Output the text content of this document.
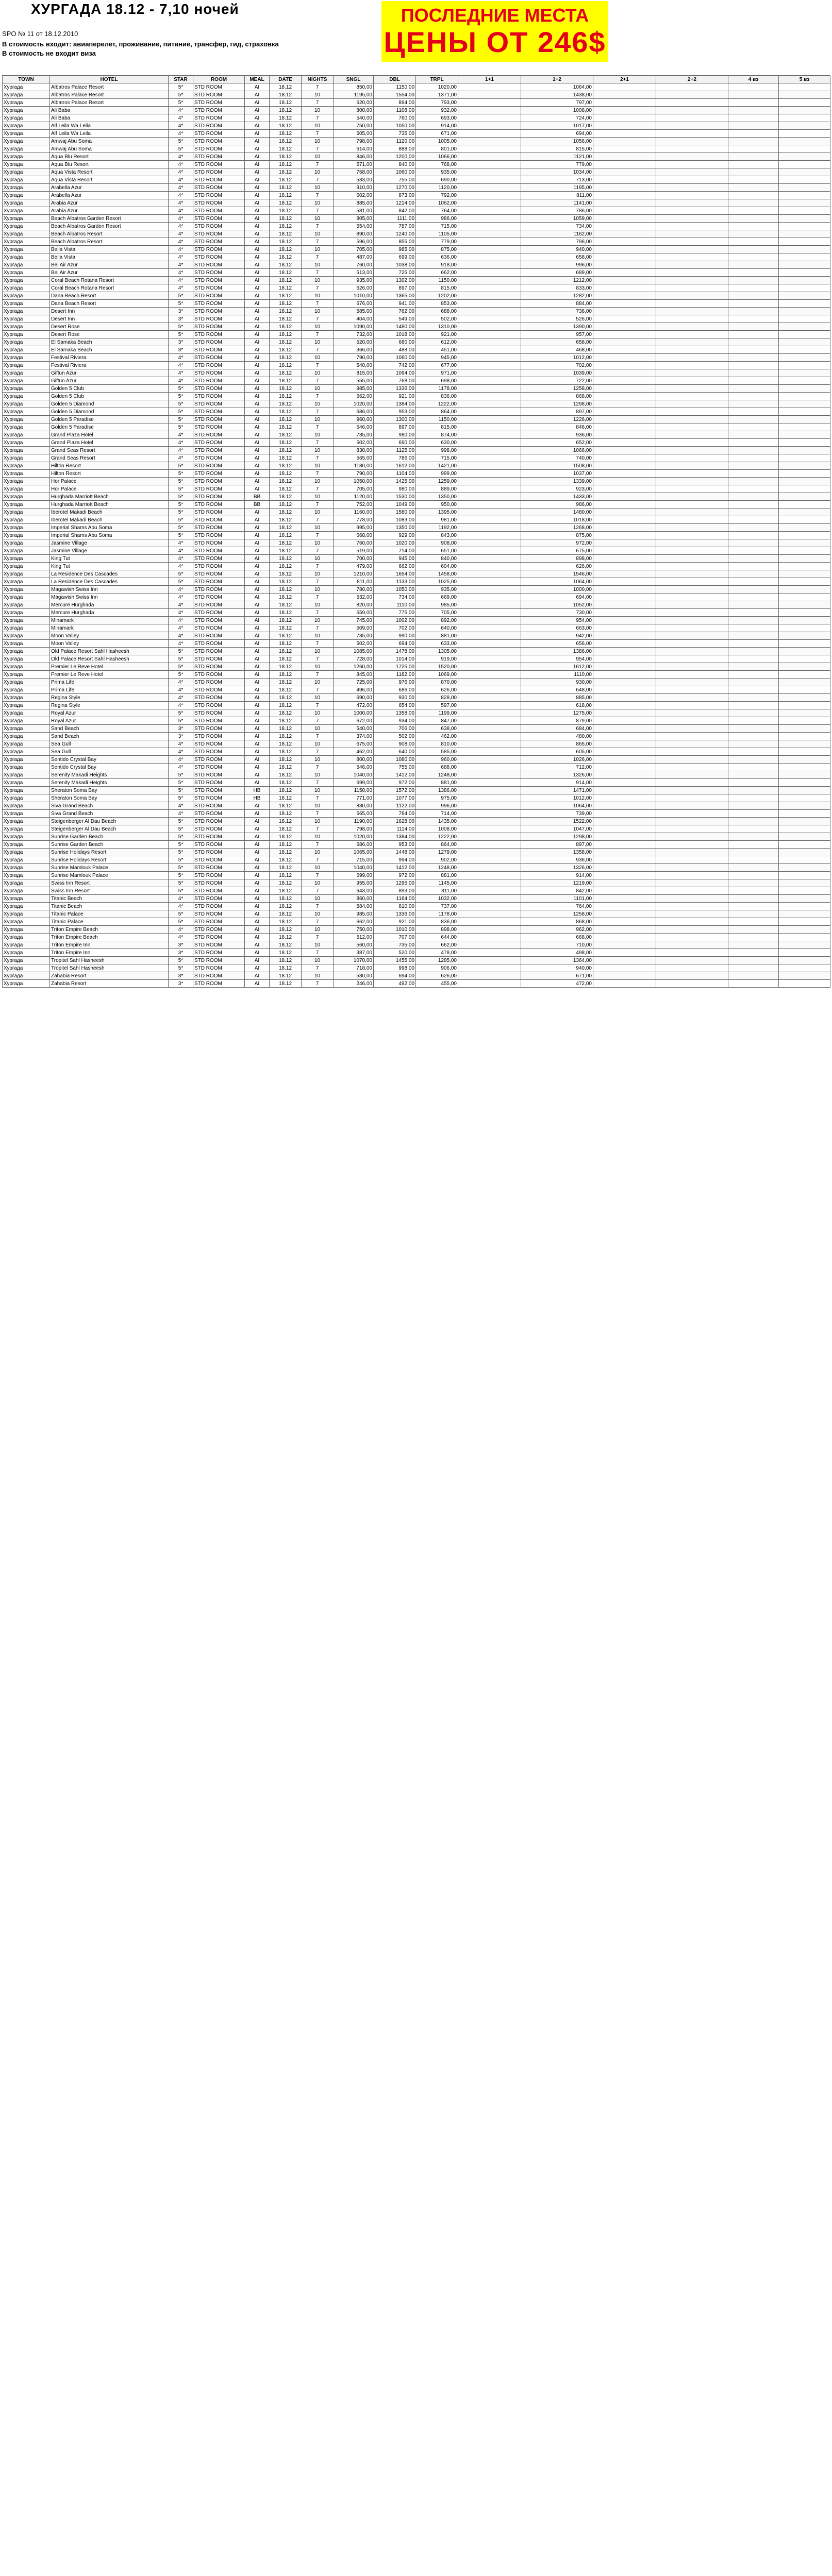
ХУРГАДА 18.12 - 7,10 ночей
SPO № 11 от 18.12.2010
В стоимость входит: авиаперелет, проживание, питание, трансфер, гид, страховка
В стоимость не входит виза
ПОСЛЕДНИЕ МЕСТА
ЦЕНЫ ОТ 246$
TOWN	HOTEL	STAR	ROOM	MEAL	DATE	NIGHTS	SNGL	DBL	TRPL	1+1	1+2	2+1	2+2	4 вз	5 вз
Хургада	Albatros Palace Resort	5*	STD ROOM	AI	18.12	7	850,00	1150,00	1020,00		1064,00				
Хургада	Albatros Palace Resort	5*	STD ROOM	AI	18.12	10	1195,00	1554,00	1371,00		1438,00				
Хургада	Albatros Palace Resort	5*	STD ROOM	AI	18.12	7	620,00	894,00	793,00		797,00				
Хургада	Ali Baba	4*	STD ROOM	AI	18.12	10	800,00	1108,00	932,00		1008,00				
Хургада	Ali Baba	4*	STD ROOM	AI	18.12	7	540,00	760,00	693,00		724,00				
Хургада	Alf Leila Wa Leila	4*	STD ROOM	AI	18.12	10	750,00	1050,00	914,00		1017,00				
Хургада	Alf Leila Wa Leila	4*	STD ROOM	AI	18.12	7	505,00	735,00	671,00		694,00				
Хургада	Amwaj Abu Soma	5*	STD ROOM	AI	18.12	10	798,00	1120,00	1005,00		1056,00				
Хургада	Amwaj Abu Soma	5*	STD ROOM	AI	18.12	7	614,00	888,00	801,00		815,00				
Хургада	Aqua Blu Resort	4*	STD ROOM	AI	18.12	10	846,00	1200,00	1066,00		1121,00				
Хургада	Aqua Blu Resort	4*	STD ROOM	AI	18.12	7	571,00	840,00	768,00		779,00				
Хургада	Aqua Vista Resort	4*	STD ROOM	AI	18.12	10	768,00	1060,00	935,00		1034,00				
Хургада	Aqua Vista Resort	4*	STD ROOM	AI	18.12	7	533,00	755,00	690,00		713,00				
Хургада	Arabella Azur	4*	STD ROOM	AI	18.12	10	910,00	1270,00	1120,00		1195,00				
Хургада	Arabella Azur	4*	STD ROOM	AI	18.12	7	602,00	873,00	792,00		811,00				
Хургада	Arabia Azur	4*	STD ROOM	AI	18.12	10	885,00	1214,00	1062,00		1141,00				
Хургада	Arabia Azur	4*	STD ROOM	AI	18.12	7	581,00	842,00	764,00		786,00				
Хургада	Beach Albatros Garden Resort	4*	STD ROOM	AI	18.12	10	805,00	1111,00	986,00		1059,00				
Хургада	Beach Albatros Garden Resort	4*	STD ROOM	AI	18.12	7	554,00	787,00	715,00		734,00				
Хургада	Beach Albatros Resort	4*	STD ROOM	AI	18.12	10	890,00	1240,00	1105,00		1162,00				
Хургада	Beach Albatros Resort	4*	STD ROOM	AI	18.12	7	596,00	855,00	779,00		796,00				
Хургада	Bella Vista	4*	STD ROOM	AI	18.12	10	705,00	985,00	875,00		940,00				
Хургада	Bella Vista	4*	STD ROOM	AI	18.12	7	487,00	699,00	636,00		658,00				
Хургада	Bel Air Azur	4*	STD ROOM	AI	18.12	10	760,00	1038,00	918,00		996,00				
Хургада	Bel Air Azur	4*	STD ROOM	AI	18.12	7	513,00	725,00	662,00		689,00				
Хургада	Coral Beach Rotana Resort	4*	STD ROOM	AI	18.12	10	935,00	1302,00	1150,00		1212,00				
Хургада	Coral Beach Rotana Resort	4*	STD ROOM	AI	18.12	7	626,00	897,00	815,00		833,00				
Хургада	Dana Beach Resort	5*	STD ROOM	AI	18.12	10	1010,00	1365,00	1202,00		1282,00				
Хургада	Dana Beach Resort	5*	STD ROOM	AI	18.12	7	676,00	941,00	853,00		884,00				
Хургада	Desert Inn	3*	STD ROOM	AI	18.12	10	585,00	762,00	688,00		736,00				
Хургада	Desert Inn	3*	STD ROOM	AI	18.12	7	404,00	549,00	502,00		526,00				
Хургада	Desert Rose	5*	STD ROOM	AI	18.12	10	1090,00	1480,00	1310,00		1390,00				
Хургада	Desert Rose	5*	STD ROOM	AI	18.12	7	732,00	1018,00	921,00		957,00				
Хургада	El Samaka Beach	3*	STD ROOM	AI	18.12	10	520,00	680,00	612,00		658,00				
Хургада	El Samaka Beach	3*	STD ROOM	AI	18.12	7	366,00	488,00	451,00		468,00				
Хургада	Festival Riviera	4*	STD ROOM	AI	18.12	10	790,00	1060,00	945,00		1012,00				
Хургада	Festival Riviera	4*	STD ROOM	AI	18.12	7	540,00	742,00	677,00		702,00				
Хургада	Giftun Azur	4*	STD ROOM	AI	18.12	10	815,00	1094,00	971,00		1039,00				
Хургада	Giftun Azur	4*	STD ROOM	AI	18.12	7	555,00	768,00	698,00		722,00				
Хургада	Golden 5 Club	5*	STD ROOM	AI	18.12	10	985,00	1336,00	1178,00		1258,00				
Хургада	Golden 5 Club	5*	STD ROOM	AI	18.12	7	662,00	921,00	836,00		868,00				
Хургада	Golden 5 Diamond	5*	STD ROOM	AI	18.12	10	1020,00	1384,00	1222,00		1298,00				
Хургада	Golden 5 Diamond	5*	STD ROOM	AI	18.12	7	686,00	953,00	864,00		897,00				
Хургада	Golden 5 Paradise	5*	STD ROOM	AI	18.12	10	960,00	1300,00	1150,00		1226,00				
Хургада	Golden 5 Paradise	5*	STD ROOM	AI	18.12	7	646,00	897,00	815,00		846,00				
Хургада	Grand Plaza Hotel	4*	STD ROOM	AI	18.12	10	735,00	980,00	874,00		936,00				
Хургада	Grand Plaza Hotel	4*	STD ROOM	AI	18.12	7	502,00	690,00	630,00		652,00				
Хургада	Grand Seas Resort	4*	STD ROOM	AI	18.12	10	830,00	1125,00	998,00		1066,00				
Хургада	Grand Seas Resort	4*	STD ROOM	AI	18.12	7	565,00	786,00	715,00		740,00				
Хургада	Hilton Resort	5*	STD ROOM	AI	18.12	10	1180,00	1612,00	1421,00		1508,00				
Хургада	Hilton Resort	5*	STD ROOM	AI	18.12	7	790,00	1104,00	999,00		1037,00				
Хургада	Hor Palace	5*	STD ROOM	AI	18.12	10	1050,00	1425,00	1259,00		1339,00				
Хургада	Hor Palace	5*	STD ROOM	AI	18.12	7	705,00	980,00	889,00		923,00				
Хургада	Hurghada Marriott Beach	5*	STD ROOM	BB	18.12	10	1120,00	1530,00	1350,00		1433,00				
Хургада	Hurghada Marriott Beach	5*	STD ROOM	BB	18.12	7	752,00	1049,00	950,00		986,00				
Хургада	Iberotel Makadi Beach	5*	STD ROOM	AI	18.12	10	1160,00	1580,00	1395,00		1480,00				
Хургада	Iberotel Makadi Beach	5*	STD ROOM	AI	18.12	7	778,00	1083,00	981,00		1018,00				
Хургада	Imperial Shams Abu Soma	5*	STD ROOM	AI	18.12	10	995,00	1350,00	1192,00		1268,00				
Хургада	Imperial Shams Abu Soma	5*	STD ROOM	AI	18.12	7	668,00	929,00	843,00		875,00				
Хургада	Jasmine Village	4*	STD ROOM	AI	18.12	10	760,00	1020,00	908,00		972,00				
Хургада	Jasmine Village	4*	STD ROOM	AI	18.12	7	519,00	714,00	651,00		675,00				
Хургада	King Tut	4*	STD ROOM	AI	18.12	10	700,00	945,00	840,00		898,00				
Хургада	King Tut	4*	STD ROOM	AI	18.12	7	479,00	662,00	604,00		626,00				
Хургада	La Residence Des Cascades	5*	STD ROOM	AI	18.12	10	1210,00	1654,00	1458,00		1546,00				
Хургада	La Residence Des Cascades	5*	STD ROOM	AI	18.12	7	811,00	1133,00	1025,00		1064,00				
Хургада	Magawish Swiss Inn	4*	STD ROOM	AI	18.12	10	780,00	1050,00	935,00		1000,00				
Хургада	Magawish Swiss Inn	4*	STD ROOM	AI	18.12	7	532,00	734,00	669,00		694,00				
Хургада	Mercure Hurghada	4*	STD ROOM	AI	18.12	10	820,00	1110,00	985,00		1052,00				
Хургада	Mercure Hurghada	4*	STD ROOM	AI	18.12	7	559,00	775,00	705,00		730,00				
Хургада	Minamark	4*	STD ROOM	AI	18.12	10	745,00	1002,00	892,00		954,00				
Хургада	Minamark	4*	STD ROOM	AI	18.12	7	509,00	702,00	640,00		663,00				
Хургада	Moon Valley	4*	STD ROOM	AI	18.12	10	735,00	990,00	881,00		942,00				
Хургада	Moon Valley	4*	STD ROOM	AI	18.12	7	502,00	694,00	633,00		656,00				
Хургада	Old Palace Resort Sahl Hasheesh	5*	STD ROOM	AI	18.12	10	1085,00	1478,00	1305,00		1386,00				
Хургада	Old Palace Resort Sahl Hasheesh	5*	STD ROOM	AI	18.12	7	728,00	1014,00	919,00		954,00				
Хургада	Premier Le Reve Hotel	5*	STD ROOM	AI	18.12	10	1260,00	1725,00	1520,00		1612,00				
Хургада	Premier Le Reve Hotel	5*	STD ROOM	AI	18.12	7	845,00	1182,00	1069,00		1110,00				
Хургада	Prima Life	4*	STD ROOM	AI	18.12	10	725,00	976,00	870,00		930,00				
Хургада	Prima Life	4*	STD ROOM	AI	18.12	7	496,00	686,00	626,00		648,00				
Хургада	Regina Style	4*	STD ROOM	AI	18.12	10	690,00	930,00	828,00		885,00				
Хургада	Regina Style	4*	STD ROOM	AI	18.12	7	472,00	654,00	597,00		618,00				
Хургада	Royal Azur	5*	STD ROOM	AI	18.12	10	1000,00	1358,00	1199,00		1275,00				
Хургада	Royal Azur	5*	STD ROOM	AI	18.12	7	672,00	934,00	847,00		879,00				
Хургада	Sand Beach	3*	STD ROOM	AI	18.12	10	540,00	706,00	638,00		684,00				
Хургада	Sand Beach	3*	STD ROOM	AI	18.12	7	374,00	502,00	462,00		480,00				
Хургада	Sea Gull	4*	STD ROOM	AI	18.12	10	675,00	908,00	810,00		865,00				
Хургада	Sea Gull	4*	STD ROOM	AI	18.12	7	462,00	640,00	585,00		605,00				
Хургада	Sentido Crystal Bay	4*	STD ROOM	AI	18.12	10	800,00	1080,00	960,00		1026,00				
Хургада	Sentido Crystal Bay	4*	STD ROOM	AI	18.12	7	546,00	755,00	688,00		712,00				
Хургада	Serenity Makadi Heights	5*	STD ROOM	AI	18.12	10	1040,00	1412,00	1248,00		1326,00				
Хургада	Serenity Makadi Heights	5*	STD ROOM	AI	18.12	7	699,00	972,00	881,00		914,00				
Хургада	Sheraton Soma Bay	5*	STD ROOM	HB	18.12	10	1150,00	1572,00	1386,00		1471,00				
Хургада	Sheraton Soma Bay	5*	STD ROOM	HB	18.12	7	771,00	1077,00	975,00		1012,00				
Хургада	Siva Grand Beach	4*	STD ROOM	AI	18.12	10	830,00	1122,00	996,00		1064,00				
Хургада	Siva Grand Beach	4*	STD ROOM	AI	18.12	7	565,00	784,00	714,00		739,00				
Хургада	Steigenberger Al Dau Beach	5*	STD ROOM	AI	18.12	10	1190,00	1628,00	1435,00		1522,00				
Хургада	Steigenberger Al Dau Beach	5*	STD ROOM	AI	18.12	7	798,00	1114,00	1008,00		1047,00				
Хургада	Sunrise Garden Beach	5*	STD ROOM	AI	18.12	10	1020,00	1384,00	1222,00		1298,00				
Хургада	Sunrise Garden Beach	5*	STD ROOM	AI	18.12	7	686,00	953,00	864,00		897,00				
Хургада	Sunrise Holidays Resort	5*	STD ROOM	AI	18.12	10	1065,00	1448,00	1279,00		1358,00				
Хургада	Sunrise Holidays Resort	5*	STD ROOM	AI	18.12	7	715,00	994,00	902,00		936,00				
Хургада	Sunrise Mamlouk Palace	5*	STD ROOM	AI	18.12	10	1040,00	1412,00	1248,00		1326,00				
Хургада	Sunrise Mamlouk Palace	5*	STD ROOM	AI	18.12	7	699,00	972,00	881,00		914,00				
Хургада	Swiss Inn Resort	5*	STD ROOM	AI	18.12	10	955,00	1295,00	1145,00		1219,00				
Хургада	Swiss Inn Resort	5*	STD ROOM	AI	18.12	7	643,00	893,00	811,00		842,00				
Хургада	Titanic Beach	4*	STD ROOM	AI	18.12	10	860,00	1164,00	1032,00		1101,00				
Хургада	Titanic Beach	4*	STD ROOM	AI	18.12	7	584,00	810,00	737,00		764,00				
Хургада	Titanic Palace	5*	STD ROOM	AI	18.12	10	985,00	1336,00	1178,00		1258,00				
Хургада	Titanic Palace	5*	STD ROOM	AI	18.12	7	662,00	921,00	836,00		868,00				
Хургада	Triton Empire Beach	4*	STD ROOM	AI	18.12	10	750,00	1010,00	898,00		962,00				
Хургада	Triton Empire Beach	4*	STD ROOM	AI	18.12	7	512,00	707,00	644,00		668,00				
Хургада	Triton Empire Inn	3*	STD ROOM	AI	18.12	10	560,00	735,00	662,00		710,00				
Хургада	Triton Empire Inn	3*	STD ROOM	AI	18.12	7	387,00	520,00	478,00		498,00				
Хургада	Tropitel Sahl Hasheesh	5*	STD ROOM	AI	18.12	10	1070,00	1455,00	1285,00		1364,00				
Хургада	Tropitel Sahl Hasheesh	5*	STD ROOM	AI	18.12	7	718,00	998,00	906,00		940,00				
Хургада	Zahabia Resort	3*	STD ROOM	AI	18.12	10	530,00	694,00	626,00		671,00				
Хургада	Zahabia Resort	3*	STD ROOM	AI	18.12	7	246,00	492,00	455,00		472,00				
